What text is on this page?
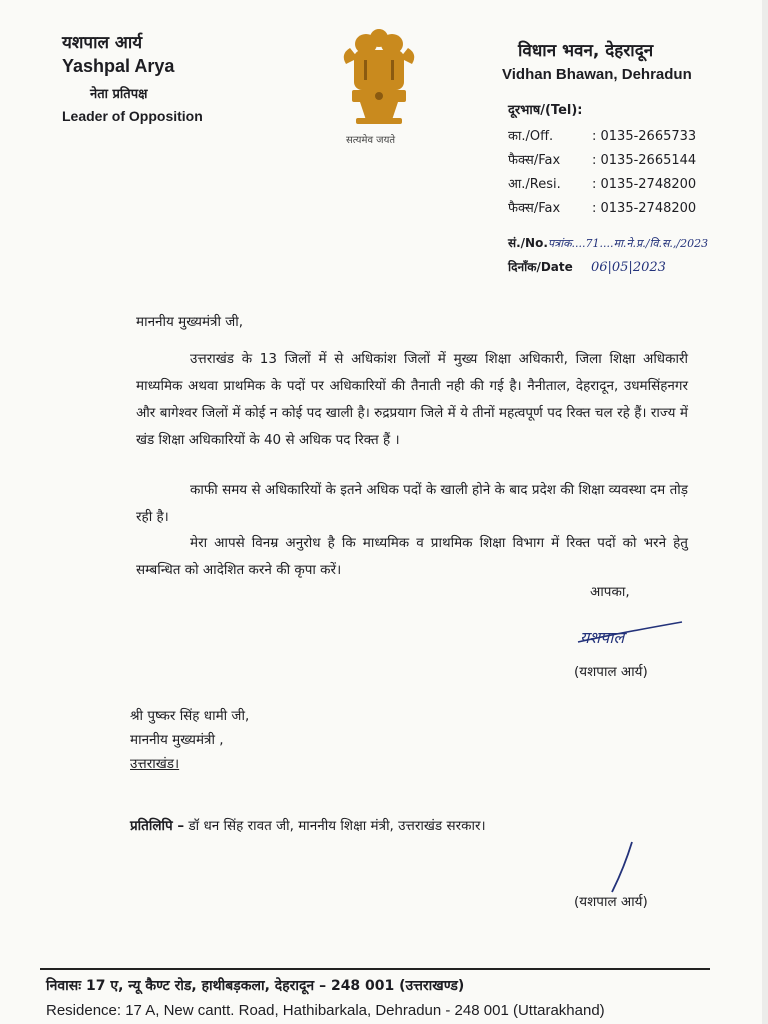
यशपाल आर्य
Yashpal Arya
नेता प्रतिपक्ष
Leader of Opposition
सत्यमेव जयते
विधान भवन, देहरादून
Vidhan Bhawan, Dehradun
दूरभाष/(Tel):
का./Off.	: 0135-2665733
फैक्स/Fax : 0135-2665144
आ./Resi. : 0135-2748200
फैक्स/Fax : 0135-2748200
सं./No.पत्रांक....71....मा.ने.प्र./वि.स.,/2023
दिनाँक/Date 06|05|2023
माननीय मुख्यमंत्री जी,
उत्तराखंड के 13 जिलों में से अधिकांश जिलों में मुख्य शिक्षा अधिकारी, जिला शिक्षा अधिकारी माध्यमिक अथवा प्राथमिक के पदों पर अधिकारियों की तैनाती नही की गई है। नैनीताल, देहरादून, उधमसिंहनगर और बागेश्वर जिलों में कोई न कोई पद खाली है। रुद्रप्रयाग जिले में ये तीनों महत्वपूर्ण पद रिक्त चल रहे हैं। राज्य में खंड शिक्षा अधिकारियों के 40 से अधिक पद रिक्त हैं ।
काफी समय से अधिकारियों के इतने अधिक पदों के खाली होने के बाद प्रदेश की शिक्षा व्यवस्था दम तोड़ रही है।
मेरा आपसे विनम्र अनुरोध है कि माध्यमिक व प्राथमिक शिक्षा विभाग में रिक्त पदों को भरने हेतु सम्बन्धित को आदेशित करने की कृपा करें।
आपका,
यशपाल
(यशपाल आर्य)
श्री पुष्कर सिंह धामी जी,
माननीय मुख्यमंत्री ,
उत्तराखंड।
प्रतिलिपि – डॉ धन सिंह रावत जी, माननीय शिक्षा मंत्री, उत्तराखंड सरकार।
(यशपाल आर्य)
निवासः 17 ए, न्यू कैण्ट रोड, हाथीबड़कला, देहरादून – 248 001 (उत्तराखण्ड)
Residence: 17 A, New cantt. Road, Hathibarkala, Dehradun - 248 001 (Uttarakhand)
